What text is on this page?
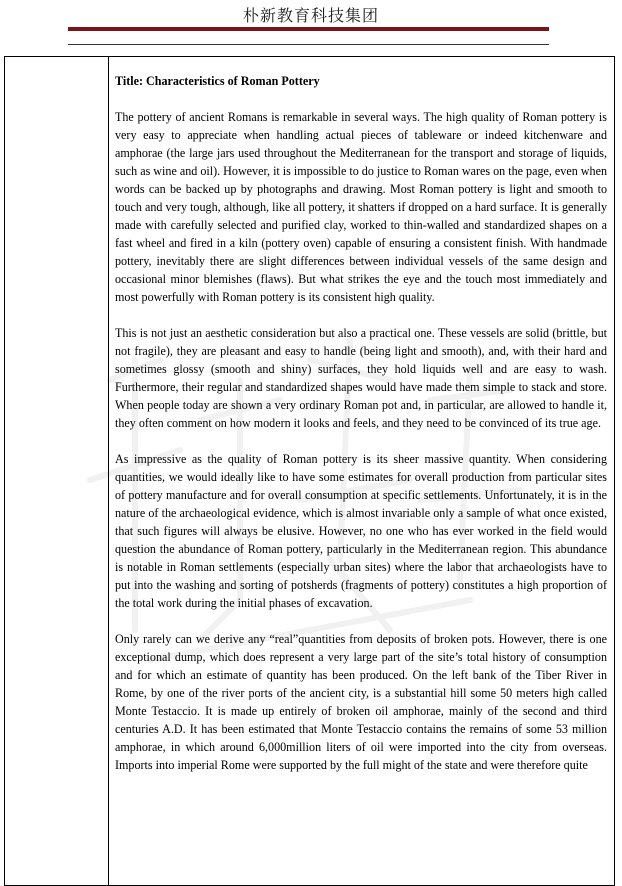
朴新教育科技集团
Title: Characteristics of Roman Pottery

The pottery of ancient Romans is remarkable in several ways. The high quality of Roman pottery is very easy to appreciate when handling actual pieces of tableware or indeed kitchenware and amphorae (the large jars used throughout the Mediterranean for the transport and storage of liquids, such as wine and oil). However, it is impossible to do justice to Roman wares on the page, even when words can be backed up by photographs and drawing. Most Roman pottery is light and smooth to touch and very tough, although, like all pottery, it shatters if dropped on a hard surface. It is generally made with carefully selected and purified clay, worked to thin-walled and standardized shapes on a fast wheel and fired in a kiln (pottery oven) capable of ensuring a consistent finish. With handmade pottery, inevitably there are slight differences between individual vessels of the same design and occasional minor blemishes (flaws). But what strikes the eye and the touch most immediately and most powerfully with Roman pottery is its consistent high quality.

This is not just an aesthetic consideration but also a practical one. These vessels are solid (brittle, but not fragile), they are pleasant and easy to handle (being light and smooth), and, with their hard and sometimes glossy (smooth and shiny) surfaces, they hold liquids well and are easy to wash. Furthermore, their regular and standardized shapes would have made them simple to stack and store. When people today are shown a very ordinary Roman pot and, in particular, are allowed to handle it, they often comment on how modern it looks and feels, and they need to be convinced of its true age.

As impressive as the quality of Roman pottery is its sheer massive quantity. When considering quantities, we would ideally like to have some estimates for overall production from particular sites of pottery manufacture and for overall consumption at specific settlements. Unfortunately, it is in the nature of the archaeological evidence, which is almost invariable only a sample of what once existed, that such figures will always be elusive. However, no one who has ever worked in the field would question the abundance of Roman pottery, particularly in the Mediterranean region. This abundance is notable in Roman settlements (especially urban sites) where the labor that archaeologists have to put into the washing and sorting of potsherds (fragments of pottery) constitutes a high proportion of the total work during the initial phases of excavation.

Only rarely can we derive any “real”quantities from deposits of broken pots. However, there is one exceptional dump, which does represent a very large part of the site’s total history of consumption and for which an estimate of quantity has been produced. On the left bank of the Tiber River in Rome, by one of the river ports of the ancient city, is a substantial hill some 50 meters high called Monte Testaccio. It is made up entirely of broken oil amphorae, mainly of the second and third centuries A.D. It has been estimated that Monte Testaccio contains the remains of some 53 million amphorae, in which around 6,000million liters of oil were imported into the city from overseas. Imports into imperial Rome were supported by the full might of the state and were therefore quite
